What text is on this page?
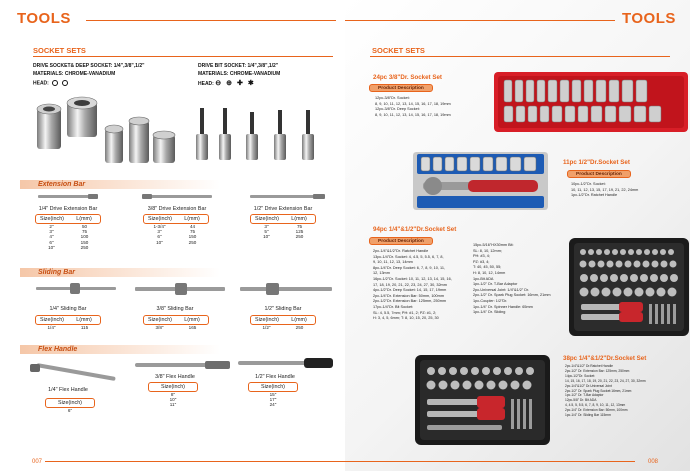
TOOLS
SOCKET SETS
DRIVE SOCKET& DEEP SOCKET: 1/4",3/8",1/2"
MATERIALS: CHROME-VANADIUM
HEAD:
DRIVE BIT SOCKET: 1/4",3/8",1/2"
MATERIALS: CHROME-VANADIUM
HEAD: ⊖⊕✚✱
Extension Bar
1/4" Drive Extension Bar
Size(inch)	L(mm)
2"	50
3"	75
4"	100
6"	150
10"	250
3/8" Drive Extension Bar
Size(inch)	L(mm)
1-3/4"	44
3"	75
6"	150
10"	250
1/2" Drive Extension Bar
Size(inch)	L(mm)
3"	75
5"	125
10"	250
Sliding Bar
1/4" Sliding Bar
Size(inch)	L(mm)
1/4"	115
3/8" Sliding Bar
Size(inch)	L(mm)
3/8"	165
1/2" Sliding Bar
Size(inch)	L(mm)
1/2"	250
Flex Handle
1/4" Flex Handle
Size(inch)
6"
3/8" Flex Handle
Size(inch)
8"
10"
11"
1/2" Flex Handle
Size(inch)
15"
17"
24"
007
TOOLS
SOCKET SETS
24pc 3/8"Dr. Socket Set
Product Description
12pc-3/8"Dr. Socket:
8, 9, 10, 11, 12, 13, 14, 15, 16, 17, 18, 19mm
12pc-3/8"Dr. Deep Socket:
8, 9, 10, 11, 12, 13, 14, 15, 16, 17, 18, 19mm
11pc 1/2"Dr.Socket Set
Product Description
10pc-1/2"Dr. Socket:
10, 11, 12, 13, 15, 17, 19, 21, 22, 24mm
1pc-1/2"Dr. Ratchet Handle
94pc 1/4"&1/2"Dr.Socket Set
Product Description
2pc-1/4"&1/2"Dr. Ratchet Handle
13pc-1/4"Dr. Socket: 4, 4.5, 5, 5.5, 6, 7, 8,
9, 10, 11, 12, 13, 14mm
8pc-1/4"Dr. Deep Socket: 6, 7, 8, 9, 10, 11,
12, 13mm
16pc-1/2"Dr. Socket: 10, 11, 12, 13, 14, 15, 16,
17, 18, 19, 20, 21, 22, 23, 24, 27, 30, 32mm
4pc-1/2"Dr. Deep Socket: 14, 15, 17, 19mm
2pc-1/4"Dr. Extension Bar: 50mm, 100mm
2pc-1/2"Dr. Extension Bar: 125mm, 250mm
17pc-1/4"Dr. Bit Socket:
SL: 4, 5.5, 7mm; PH: #1, 2; PZ: #1, 2;
H: 3, 4, 5, 6mm; T: 8, 10, 15, 20, 25, 30
15pc-5/16"HX30mm Bit:
SL: 8, 10, 12mm;
PH: #3, 4;
PZ: #3, 4;
T: 40, 45, 50, 55;
H: 8, 10, 12, 14mm
1pc-Bit ADA
1pc-1/2" Dr. T-Bar Adaptor
2pc-Universal Joint: 1/4"&1/2" Dr.
2pc-1/2" Dr. Spark Plug Socket: 16mm, 21mm
1pc-Coupler: 1/2"Dr.
1pc-1/4" Dr. Spinner Handle: 65mm
1pc-1/4" Dr. Sliding
38pc 1/4"&1/2"Dr.Socket Set
2pc-1/4"&1/2" Dr.Ratchet Handle
2pc-1/2" Dr. Extension Bar: 125mm, 250mm
14pc-1/2"Dr. Socket:
14, 15, 16, 17, 18, 19, 20, 21, 22, 23, 24, 27, 30, 32mm
2pc-1/4"&1/2" Dr.Universal Joint
2pc-1/2" Dr. Spark Plug Socket:16mm, 21mm
1pc-1/2" Dr. T-Bar Adaptor
12pc-5/8" Dr. Bit ADA
4, 4.5, 5, 5.5, 6, 7, 8, 9, 10, 11, 12, 13mm
2pc-1/4" Dr. Extension Bar: 50mm, 100mm
1pc-1/4" Dr. Sliding Bar 115mm
008
